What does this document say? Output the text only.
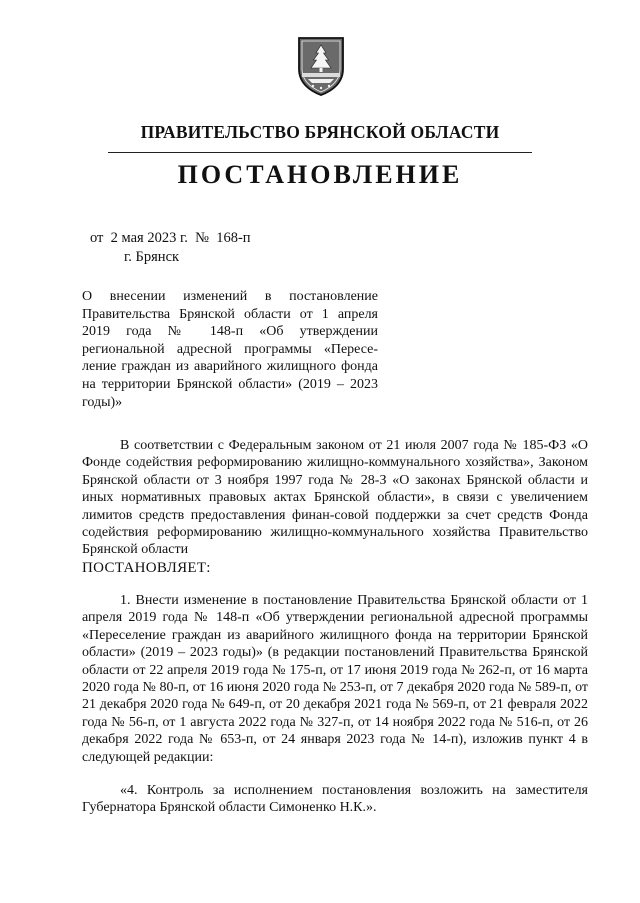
ПРАВИТЕЛЬСТВО БРЯНСКОЙ ОБЛАСТИ
ПОСТАНОВЛЕНИЕ
от  2 мая 2023 г.  №  168-п
г. Брянск
О внесении изменений в постановление Правительства Брянской области от 1 апреля 2019 года № 148-п «Об утверждении региональной адресной программы «Пересе-ление граждан из аварийного жилищного фонда на территории Брянской области» (2019 – 2023 годы)»
В соответствии с Федеральным законом от 21 июля 2007 года № 185-ФЗ «О Фонде содействия реформированию жилищно-коммунального хозяйства», Законом Брянской области от 3 ноября 1997 года № 28-З «О законах Брянской области и иных нормативных правовых актах Брянской области», в связи с увеличением лимитов средств предоставления финан-совой поддержки за счет средств Фонда содействия реформированию жилищно-коммунального хозяйства Правительство Брянской области
ПОСТАНОВЛЯЕТ:
1. Внести изменение в постановление Правительства Брянской области от 1 апреля 2019 года № 148-п «Об утверждении региональной адресной программы «Переселение граждан из аварийного жилищного фонда на территории Брянской области» (2019 – 2023 годы)» (в редакции постановлений Правительства Брянской области от 22 апреля 2019 года № 175-п, от 17 июня 2019 года № 262-п, от 16 марта 2020 года № 80-п, от 16 июня 2020 года № 253-п, от 7 декабря 2020 года № 589-п, от 21 декабря 2020 года № 649-п, от 20 декабря 2021 года № 569-п, от 21 февраля 2022 года № 56-п, от 1 августа 2022 года № 327-п, от 14 ноября 2022 года № 516-п, от 26 декабря 2022 года № 653-п, от 24 января 2023 года № 14-п), изложив пункт 4 в следующей редакции:
«4. Контроль за исполнением постановления возложить на заместителя Губернатора Брянской области Симоненко Н.К.».
